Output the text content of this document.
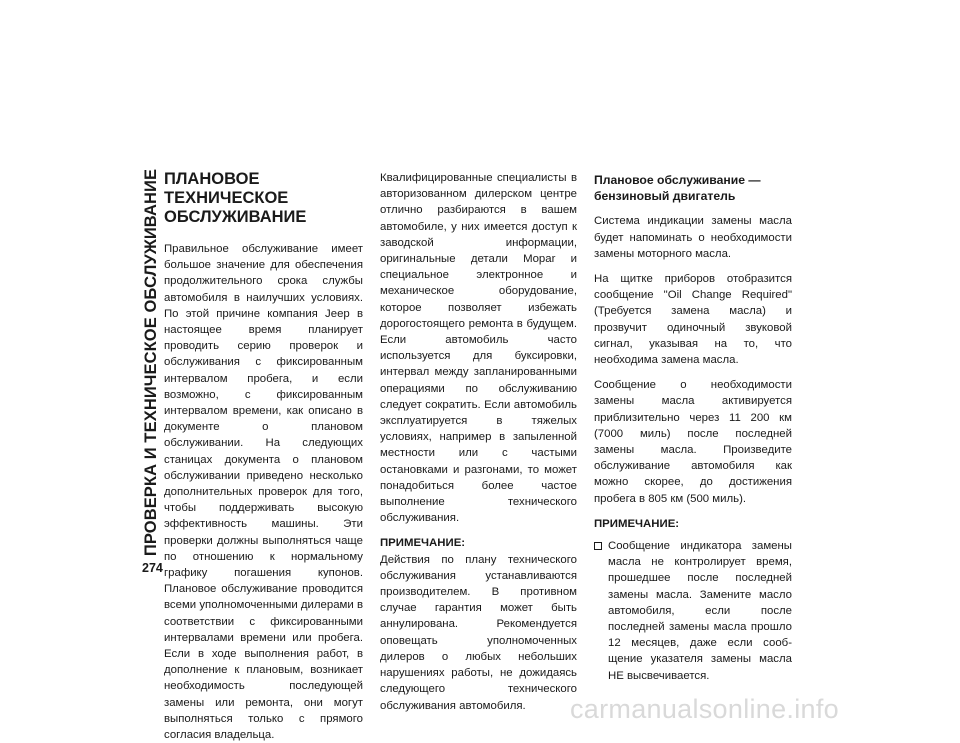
ПРОВЕРКА И ТЕХНИЧЕСКОЕ ОБСЛУЖИВАНИЕ
274
ПЛАНОВОЕ ТЕХНИЧЕСКОЕ ОБСЛУЖИВАНИЕ

Правильное обслуживание имеет большое значение для обеспечения продолжительного срока службы автомобиля в наилучших условиях. По этой причине компания Jeep в настоящее время планирует проводить серию проверок и обслуживания с фиксированным интервалом пробега, и если возможно, с фиксированным интервалом времени, как описано в документе о плановом обслуживании. На следующих станицах документа о плановом обслуживании приведено несколько дополнительных проверок для того, чтобы поддерживать высокую эффективность машины. Эти проверки должны выполняться чаще по отношению к нормальному графику погашения купонов. Плановое обслуживание проводится всеми уполномоченными дилерами в соответствии с фиксированными интервалами времени или пробега. Если в ходе выполнения работ, в дополнение к плановым, возникает необходимость последующей замены или ремонта, они могут выполняться только с прямого согласия владельца.

Квалифицированные специалисты в авторизованном дилерском центре отлично разбираются в вашем автомобиле, у них имеется доступ к заводской информации, оригинальные детали Mopar и специальное электронное и механическое оборудование, которое позволяет избежать дорогостоящего ремонта в будущем. Если автомобиль часто используется для буксировки, интервал между запланированными операциями по обслуживанию следует сократить. Если автомобиль эксплуатируется в тяжелых условиях, например в запыленной местности или с частыми остановками и разгонами, то может понадобиться более частое выполнение технического обслуживания.

ПРИМЕЧАНИЕ:

Действия по плану технического обслуживания устанавливаются производителем. В противном случае гарантия может быть аннулирована. Рекомендуется оповещать уполномоченных дилеров о любых небольших нарушениях работы, не дожидаясь следующего технического обслуживания автомобиля.

Плановое обслуживание — бензиновый двигатель

Система индикации замены масла будет напоминать о необходимости замены моторного масла.

На щитке приборов отобразится сообщение "Oil Change Required" (Требуется замена масла) и прозвучит одиночный звуковой сигнал, указывая на то, что необходима замена масла.

Сообщение о необходимости замены масла активируется приблизительно через 11 200 км (7000 миль) после последней замены масла. Произведите обслуживание автомобиля как можно скорее, до достижения пробега в 805 км (500 миль).

ПРИМЕЧАНИЕ:

Сообщение индикатора замены масла не контролирует время, прошедшее после последней замены масла. Замените масло автомобиля, если после последней замены масла прошло 12 месяцев, даже если сообщение указателя замены масла НЕ высвечивается.

carmanualsonline.info
